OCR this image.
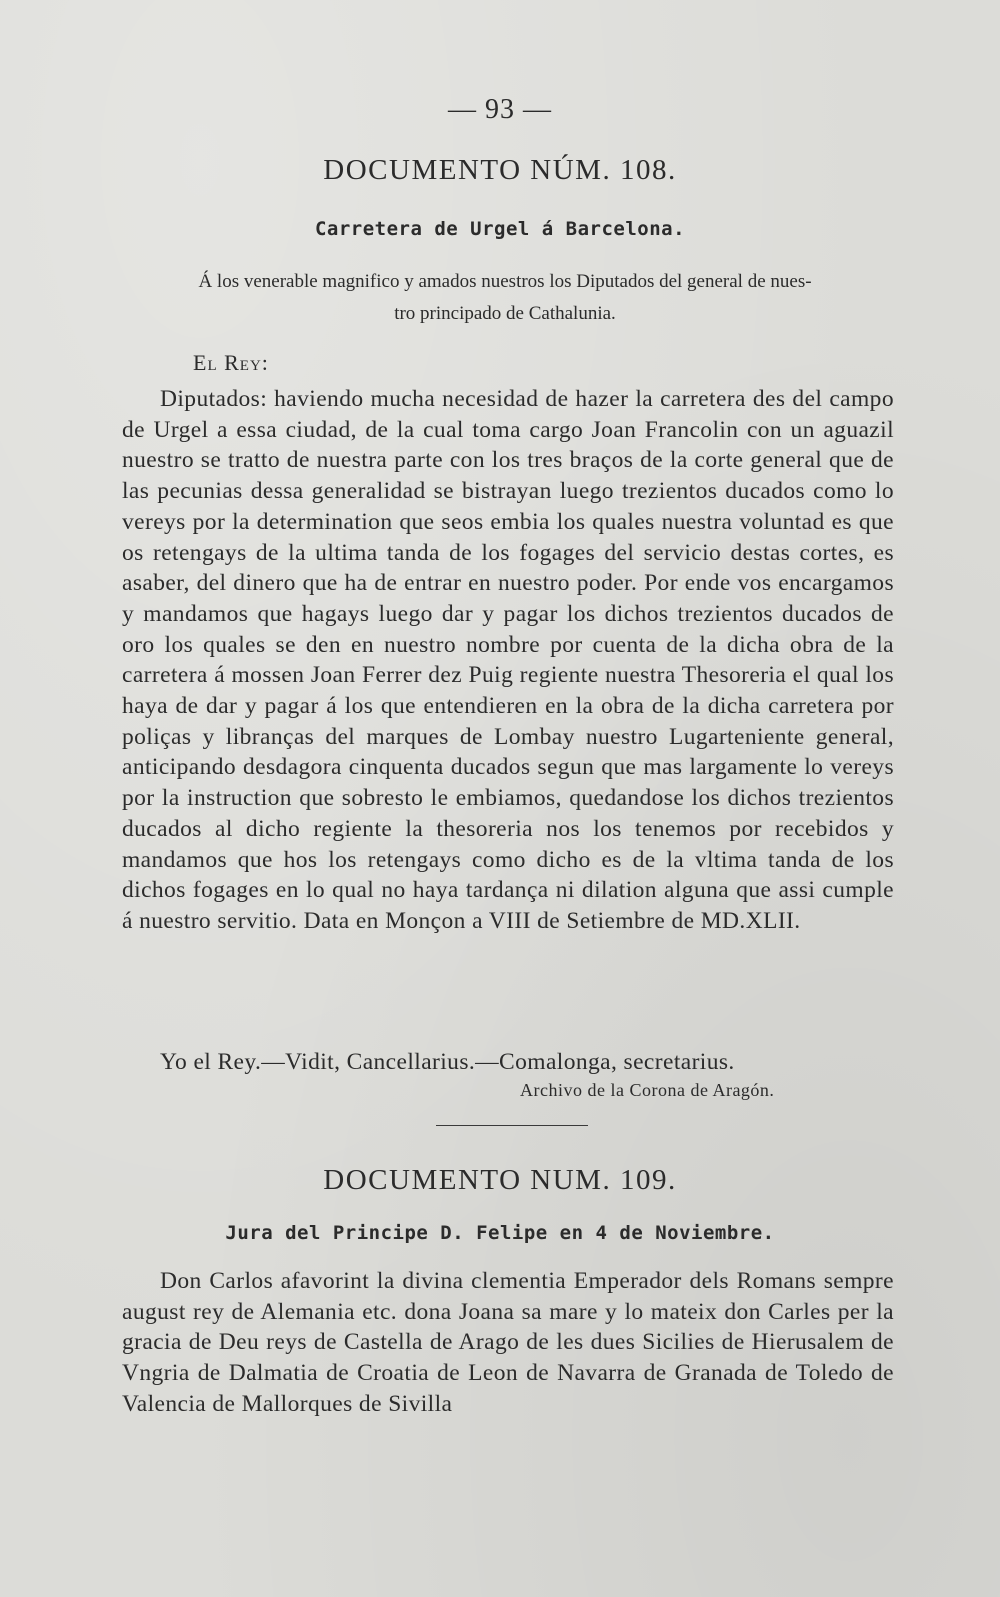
— 93 —
DOCUMENTO NÚM. 108.
Carretera de Urgel á Barcelona.
Á los venerable magnifico y amados nuestros los Diputados del general de nues-
tro principado de Cathalunia.
El Rey:

Diputados: haviendo mucha necesidad de hazer la carretera des del campo de Urgel a essa ciudad, de la cual toma cargo Joan Francolin con un aguazil nuestro se tratto de nuestra parte con los tres braços de la corte general que de las pecunias dessa generalidad se bistrayan luego trezientos ducados como lo vereys por la determination que seos embia los quales nuestra voluntad es que os retengays de la ultima tanda de los fogages del servicio destas cortes, es asaber, del dinero que ha de entrar en nuestro poder. Por ende vos encargamos y mandamos que hagays luego dar y pagar los dichos trezientos ducados de oro los quales se den en nuestro nombre por cuenta de la dicha obra de la carretera á mossen Joan Ferrer dez Puig regiente nuestra Thesoreria el qual los haya de dar y pagar á los que entendieren en la obra de la dicha carretera por poliças y libranças del marques de Lombay nuestro Lugarteniente general, anticipando desdagora cinquenta ducados segun que mas largamente lo vereys por la instruction que sobresto le embiamos, quedandose los dichos trezientos ducados al dicho regiente la thesoreria nos los tenemos por recebidos y mandamos que hos los retengays como dicho es de la vltima tanda de los dichos fogages en lo qual no haya tardança ni dilation alguna que assi cumple á nuestro servitio. Data en Monçon a VIII de Setiembre de MD.XLII.

Yo el Rey.—Vidit, Cancellarius.—Comalonga, secretarius.
Archivo de la Corona de Aragón.
DOCUMENTO NUM. 109.
Jura del Principe D. Felipe en 4 de Noviembre.

Don Carlos afavorint la divina clementia Emperador dels Romans sempre august rey de Alemania etc. dona Joana sa mare y lo mateix don Carles per la gracia de Deu reys de Castella de Arago de les dues Sicilies de Hierusalem de Vngria de Dalmatia de Croatia de Leon de Navarra de Granada de Toledo de Valencia de Mallorques de Sivilla
